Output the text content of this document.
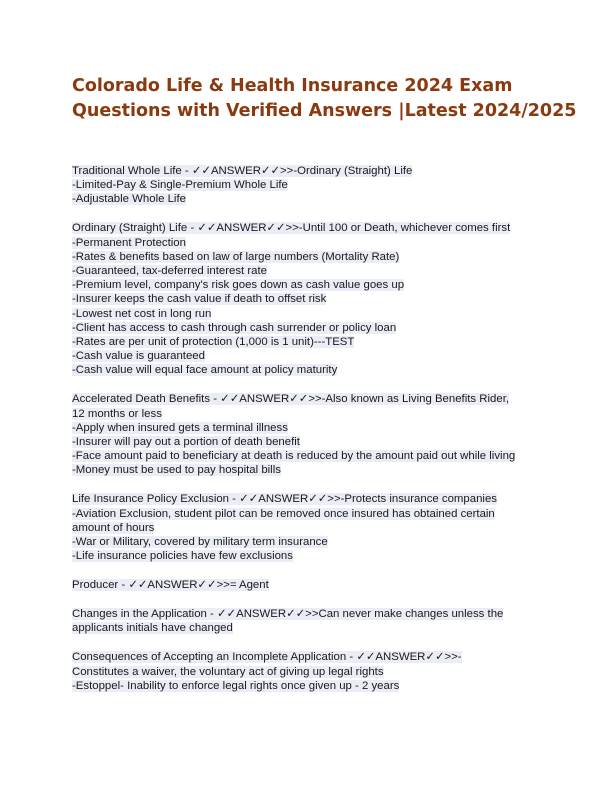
Colorado Life & Health Insurance 2024 Exam
Questions with Verified Answers |Latest 2024/2025
Traditional Whole Life - ✓✓ANSWER✓✓>>-Ordinary (Straight) Life
-Limited-Pay & Single-Premium Whole Life
-Adjustable Whole Life
Ordinary (Straight) Life - ✓✓ANSWER✓✓>>-Until 100 or Death, whichever comes first
-Permanent Protection
-Rates & benefits based on law of large numbers (Mortality Rate)
-Guaranteed, tax-deferred interest rate
-Premium level, company's risk goes down as cash value goes up
-Insurer keeps the cash value if death to offset risk
-Lowest net cost in long run
-Client has access to cash through cash surrender or policy loan
-Rates are per unit of protection (1,000 is 1 unit)---TEST
-Cash value is guaranteed
-Cash value will equal face amount at policy maturity
Accelerated Death Benefits - ✓✓ANSWER✓✓>>-Also known as Living Benefits Rider,
12 months or less
-Apply when insured gets a terminal illness
-Insurer will pay out a portion of death benefit
-Face amount paid to beneficiary at death is reduced by the amount paid out while living
-Money must be used to pay hospital bills
Life Insurance Policy Exclusion - ✓✓ANSWER✓✓>>-Protects insurance companies
-Aviation Exclusion, student pilot can be removed once insured has obtained certain
amount of hours
-War or Military, covered by military term insurance
-Life insurance policies have few exclusions
Producer - ✓✓ANSWER✓✓>>= Agent
Changes in the Application - ✓✓ANSWER✓✓>>Can never make changes unless the
applicants initials have changed
Consequences of Accepting an Incomplete Application - ✓✓ANSWER✓✓>>-
Constitutes a waiver, the voluntary act of giving up legal rights
-Estoppel- Inability to enforce legal rights once given up - 2 years
